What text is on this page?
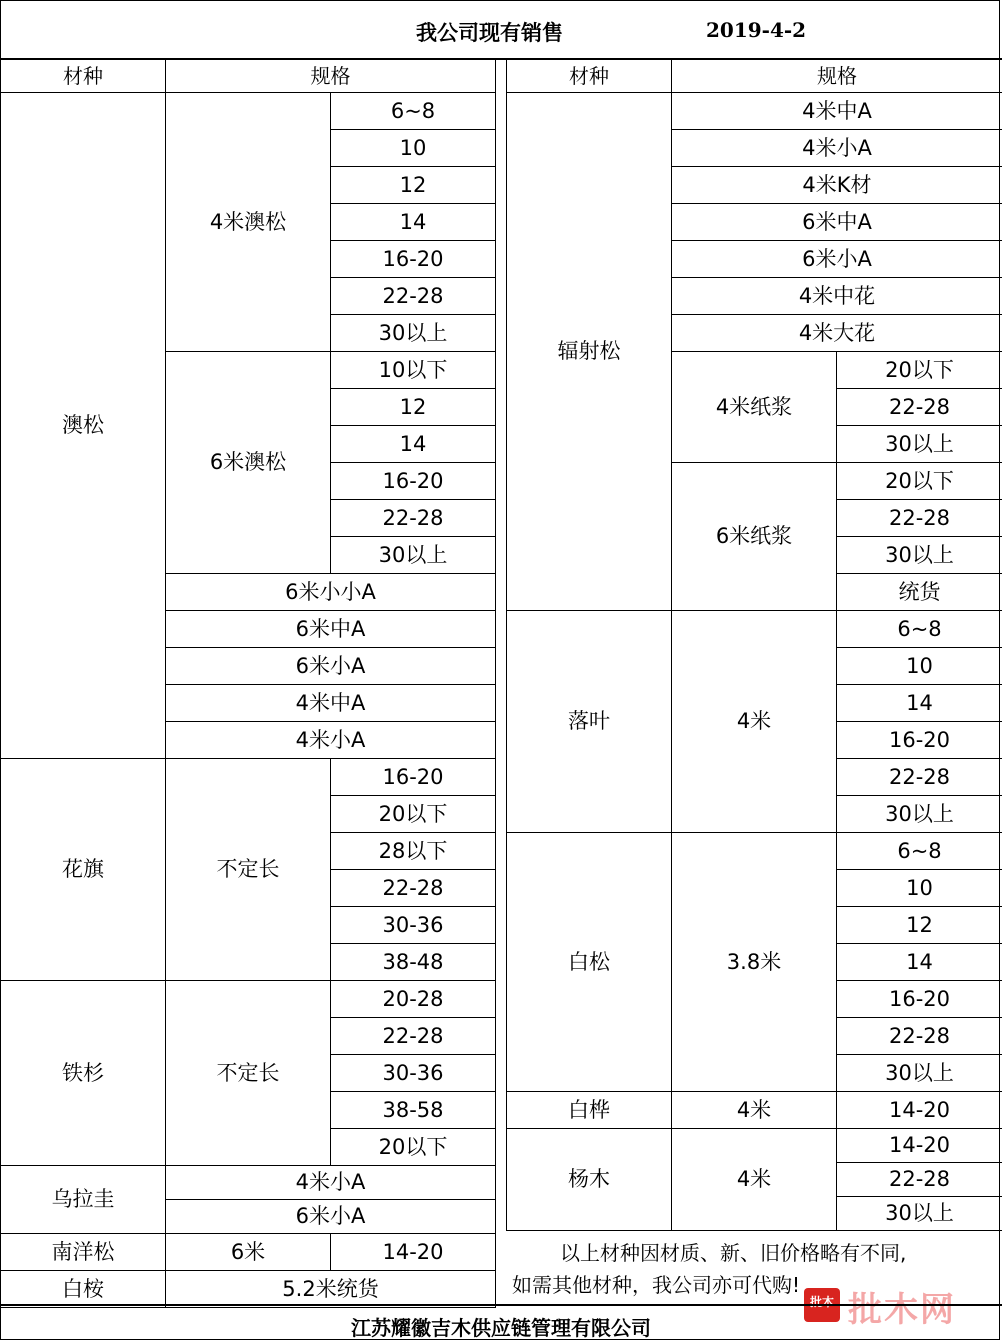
我公司现有销售	2019-4-2
材种	规格	
澳松	4米澳松	6~8
		10
		12
		14
		16-20
		22-28
		30以上
	6米澳松	10以下
		12
		14
		16-20
		22-28
		30以上
	6米小小A	
	6米中A	
	6米小A	
	4米中A	
	4米小A	
花旗	不定长	16-20
		20以下
		28以下
		22-28
		30-36
		38-48
铁杉	不定长	20-28
		22-28
		30-36
		38-58
		20以下
乌拉圭	4米小A	
	6米小A	
南洋松	6米	14-20
白桉	5.2米统货	
材种	规格	
辐射松	4米中A	
	4米小A	
	4米K材	
	6米中A	
	6米小A	
	4米中花	
	4米大花	
	4米纸浆	20以下
		22-28
		30以上
	6米纸浆	20以下
		22-28
		30以上
		统货
落叶	4米	6~8
		10
		14
		16-20
		22-28
		30以上
白松	3.8米	6~8
		10
		12
		14
		16-20
		22-28
		30以上
白桦	4米	14-20
杨木	4米	14-20
		22-28
		30以上
以上材种因材质、新、旧价格略有不同,
如需其他材种，我公司亦可代购!
批木 批木网
江苏耀徽吉木供应链管理有限公司
